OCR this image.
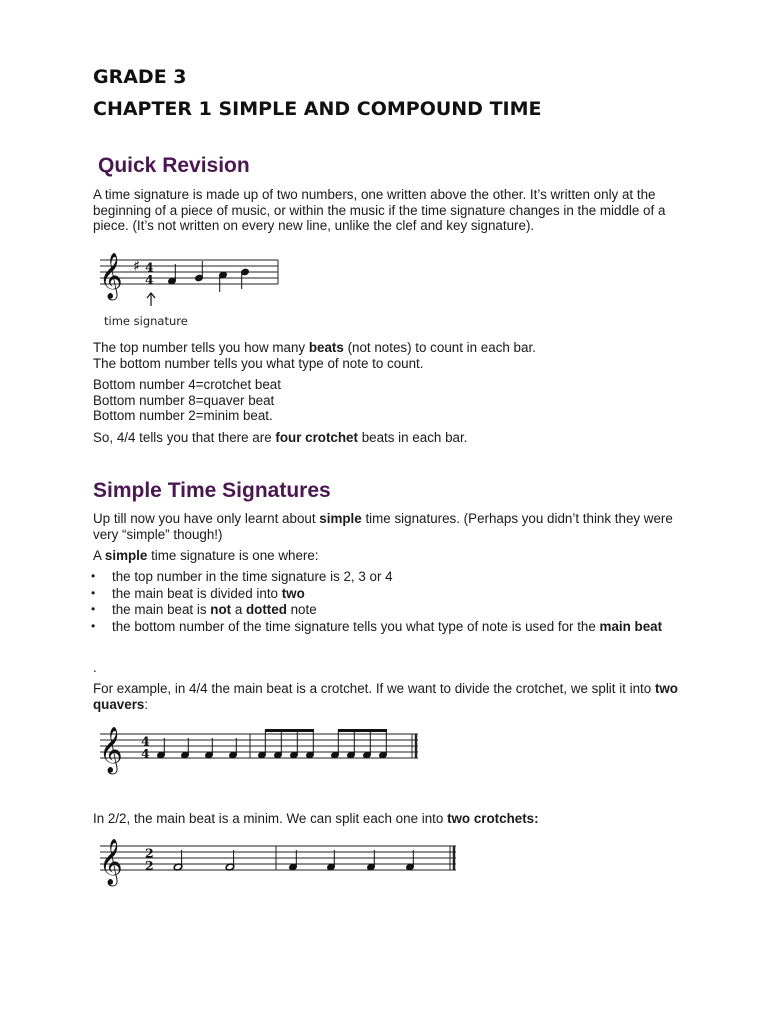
GRADE 3
CHAPTER 1 SIMPLE AND COMPOUND TIME
Quick Revision

A time signature is made up of two numbers, one written above the other. It’s written only at the beginning of a piece of music, or within the music if the time signature changes in the middle of a piece. (It’s not written on every new line, unlike the clef and key signature).

𝄞 ♯ 4
4
time signature

The top number tells you how many beats (not notes) to count in each bar.
The bottom number tells you what type of note to count.

Bottom number 4=crotchet beat
Bottom number 8=quaver beat
Bottom number 2=minim beat.

So, 4/4 tells you that there are four crotchet beats in each bar.

Simple Time Signatures

Up till now you have only learnt about simple time signatures. (Perhaps you didn’t think they were very “simple” though!)

A simple time signature is one where:

• the top number in the time signature is 2, 3 or 4
• the main beat is divided into two
• the main beat is not a dotted note
• the bottom number of the time signature tells you what type of note is used for the main beat

.

For example, in 4/4 the main beat is a crotchet. If we want to divide the crotchet, we split it into two quavers:

𝄞 4
4

In 2/2, the main beat is a minim. We can split each one into two crotchets:

𝄞 2
2
